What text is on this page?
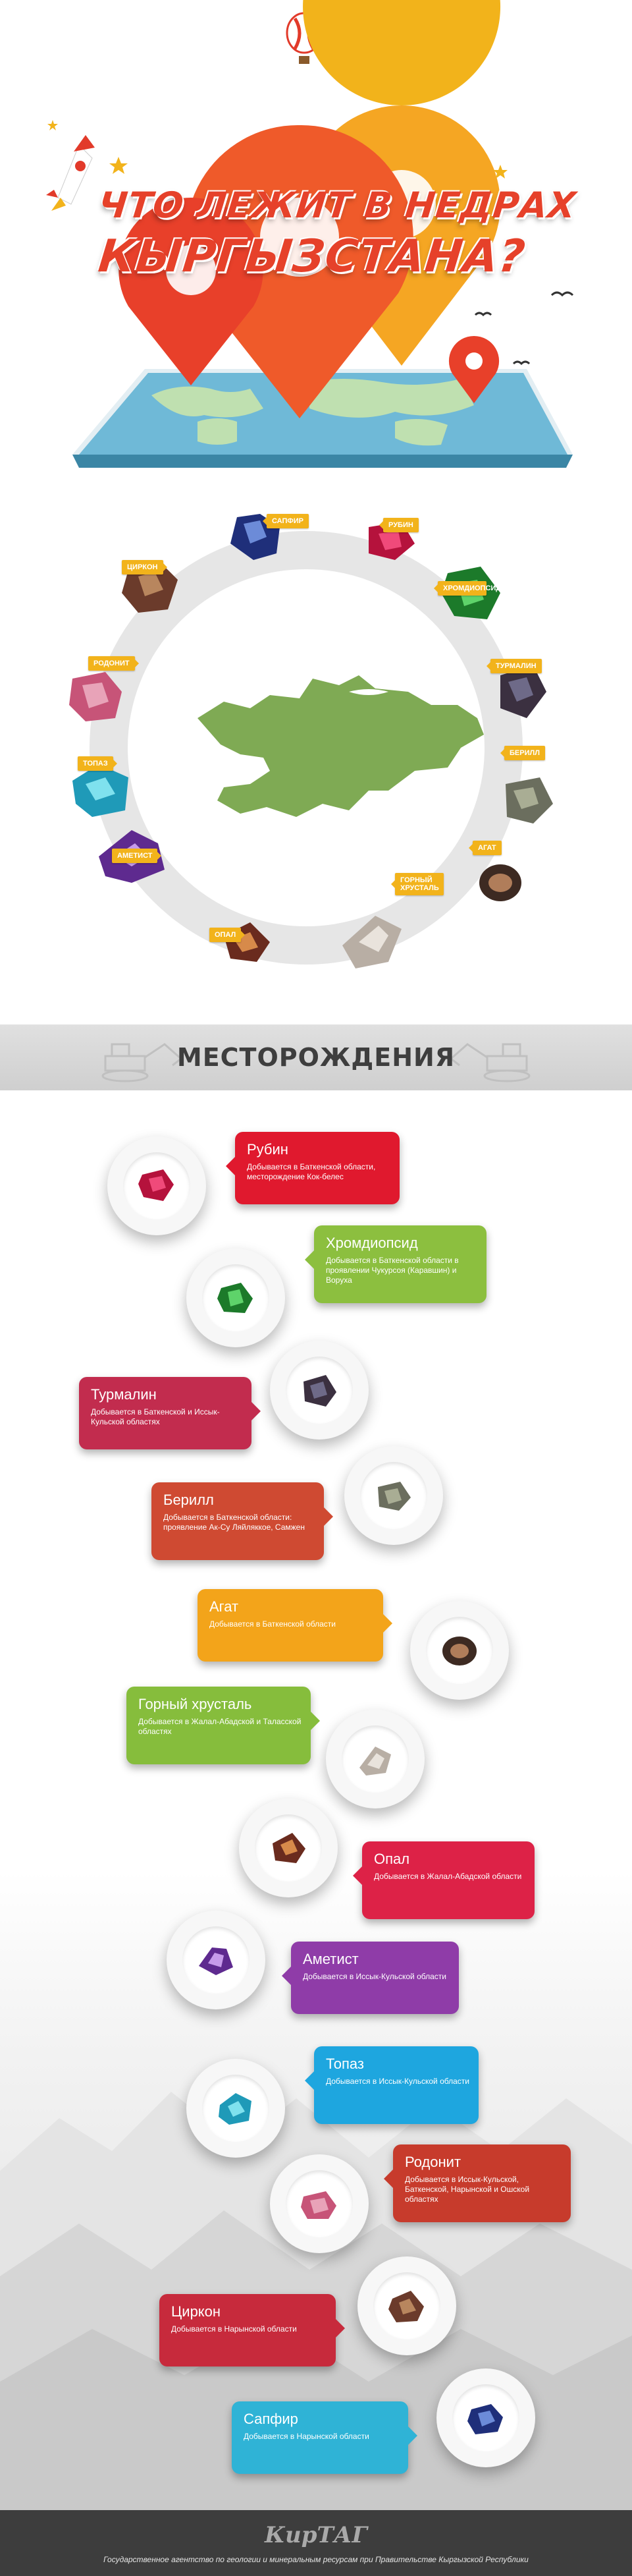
ЧТО ЛЕЖИТ В НЕДРАХ
КЫРГЫЗСТАНА?
САПФИР	РУБИН
ХРОМДИОПСИД
ТУРМАЛИН
БЕРИЛЛ
АГАТ
ГОРНЫЙ ХРУСТАЛЬ
ОПАЛ
АМЕТИСТ
ТОПАЗ
РОДОНИТ
ЦИРКОН
МЕСТОРОЖДЕНИЯ
Рубин
Добывается в Баткенской области, месторождение Кок-белес
Хромдиопсид
Добывается в Баткенской области в проявлении Чукурсоя (Каравшин) и Воруха
Турмалин
Добывается в Баткенской и Иссык-Кульской областях
Берилл
Добывается в Баткенской области: проявление Ак-Су Ляйляккое, Самжен
Агат
Добывается в Баткенской области
Горный хрусталь
Добывается в Жалал-Абадской и Таласской областях
Опал
Добывается в Жалал-Абадской области
Аметист
Добывается в Иссык-Кульской области
Топаз
Добывается в Иссык-Кульской области
Родонит
Добывается в Иссык-Кульской, Баткенской, Нарынской и Ошской областях
Циркон
Добывается в Нарынской области
Сапфир
Добывается в Нарынской области
КирТАГ
Государственное агентство по геологии и минеральным ресурсам при Правительстве Кыргызской Республики
